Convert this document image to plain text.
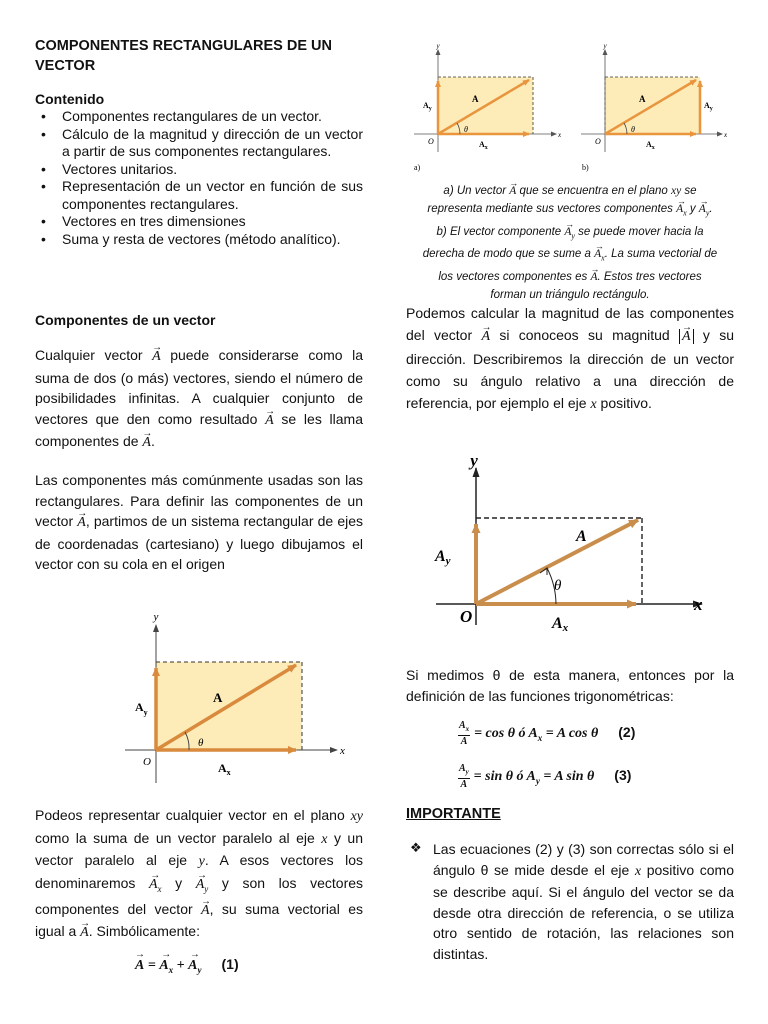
COMPONENTES RECTANGULARES DE UN VECTOR
Contenido
• Componentes rectangulares de un vector.
• Cálculo de la magnitud y dirección de un vector a partir de sus componentes rectangulares.
• Vectores unitarios.
• Representación de un vector en función de sus componentes rectangulares.
• Vectores en tres dimensiones
• Suma y resta de vectores (método analítico).
Componentes de un vector

Cualquier vector → A puede considerarse como la suma de dos (o más) vectores, siendo el número de posibilidades infinitas. A cualquier conjunto de vectores que den como resultado → A se les llama componentes de → A.

Las componentes más comúnmente usadas son las rectangulares. Para definir las componentes de un vector → A, partimos de un sistema rectangular de ejes de coordenadas (cartesiano) y luego dibujamos el vector con su cola en el origen

θ
y
x
O
A
$A_x$
$A_y$

Podeos representar cualquier vector en el plano xy como la suma de un vector paralelo al eje x y un vector paralelo al eje y. A esos vectores los denominaremos → $A_x$ $y \to A_y$ y son los vectores componentes del vector → A, su suma vectorial es igual a → A. Simbólicamente:

→ A = → $A_x$ + → $A_y$ (1)
θ
y
x
O
A
$A_x$
$A_y$
a)
θ
y
x
O
A
$A_x$
$A_y$
b)

a) Un vector → A que se encuentra en el plano xy se

representa mediante sus vectores componentes → $A_x$ $y \to A_y$.

b) El vector componente → $A_y$ se puede mover hacia la

derecha de modo que se sume $a \to A_x$. La suma vectorial de

los vectores componentes es → A. Estos tres vectores

forman un triángulo rectángulo.

Podemos calcular la magnitud de las componentes del vector → A si conoceos su magnitud → A y su dirección. Describiremos la dirección de un vector como su ángulo relativo a una dirección de referencia, por ejemplo el eje x positivo.

θ
y
x
O
A
Ax
Ay

Si medimos θ de esta manera, entonces por la definición de las funciones trigonométricas:

$\frac{A_x}{A} = \cos \theta$ ó $A_x = A$ cos θ (2)
$\frac{A_y}{A} = \sin \theta$ ó $A_y = A$ sin θ (3)
IMPORTANTE
❖ Las ecuaciones (2) y (3) son correctas sólo si el ángulo θ se mide desde el eje x positivo como se describe aquí. Si el ángulo del vector se da desde otra dirección de referencia, o se utiliza otro sentido de rotación, las relaciones son distintas.
